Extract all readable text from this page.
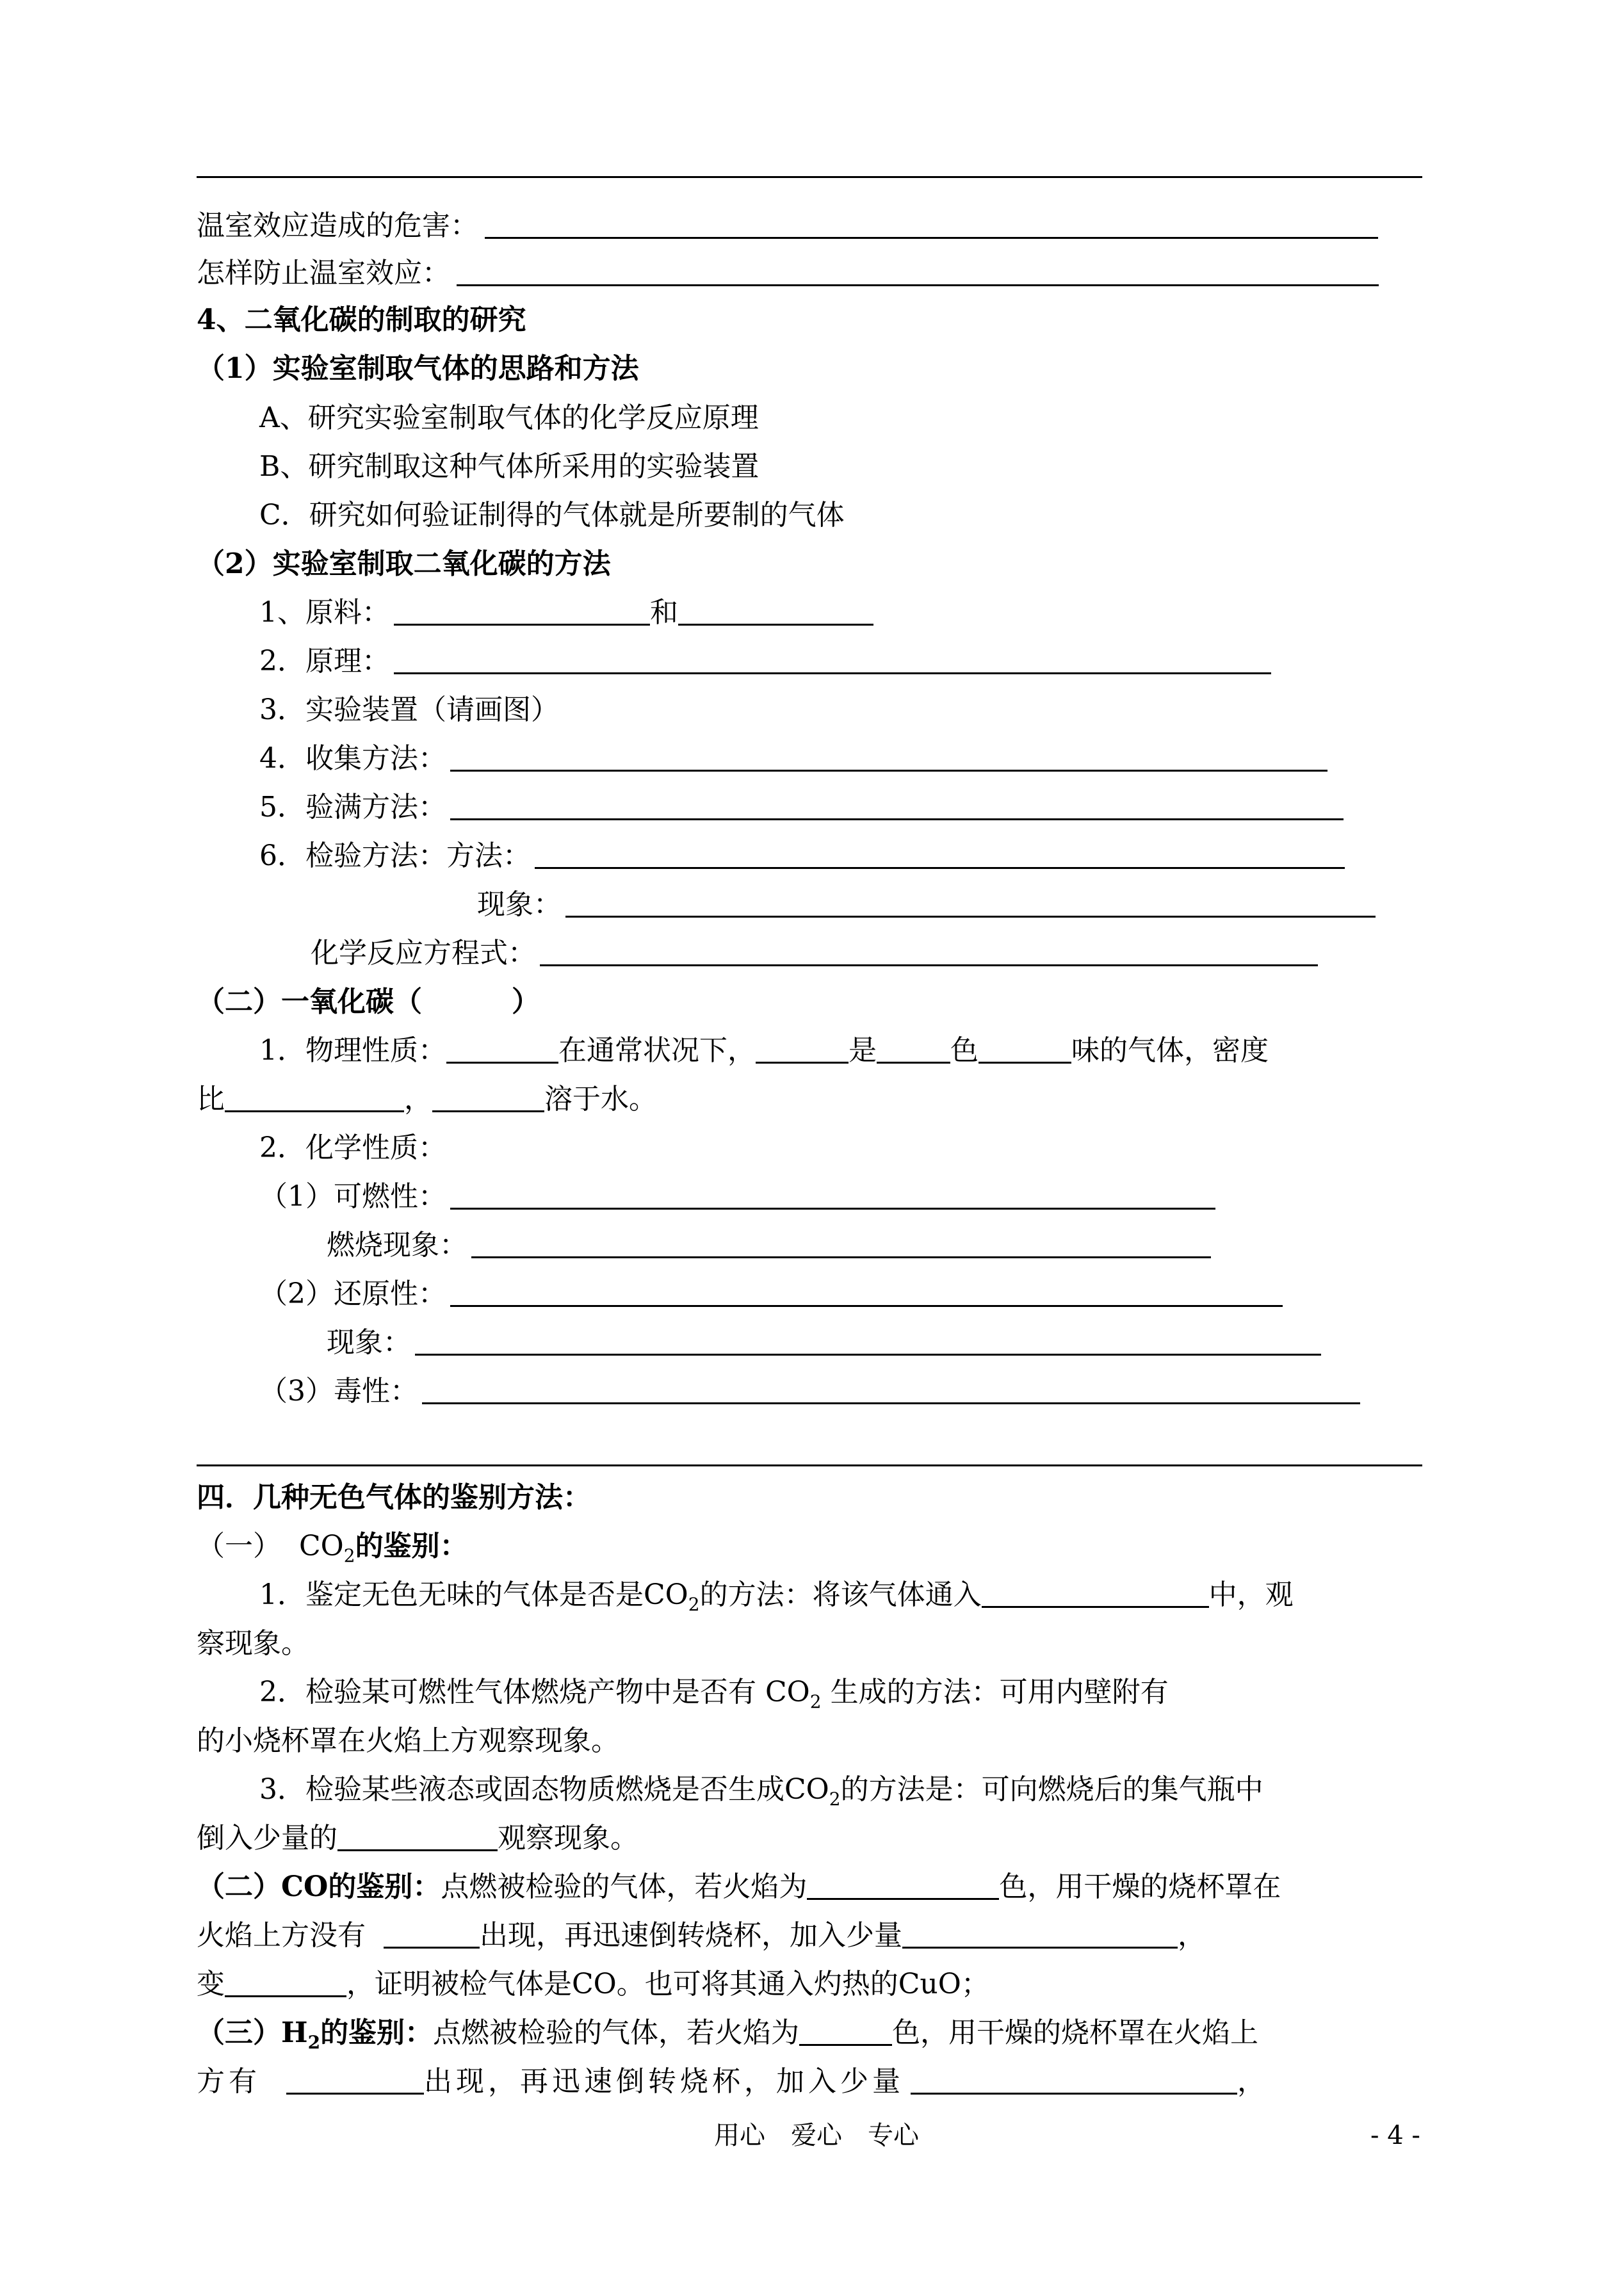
温室效应造成的危害：
怎样防止温室效应：
4、二氧化碳的制取的研究
（1）实验室制取气体的思路和方法
A、研究实验室制取气体的化学反应原理
B、研究制取这种气体所采用的实验装置
C．研究如何验证制得的气体就是所要制的气体
（2）实验室制取二氧化碳的方法
1、原料：	和
2．原理：
3．实验装置（请画图）
4．收集方法：
5．验满方法：
6．检验方法：方法：
现象：
化学反应方程式：
（二）一氧化碳（	）
1．物理性质：	在通常状况下，	是	色	味的气体，密度
比	，	溶于水。
2．化学性质：
（1）可燃性：
燃烧现象：
（2）还原性：
现象：
（3）毒性：
四．几种无色气体的鉴别方法：
（一） $CO_2$的鉴别：
1．鉴定无色无味的气体是否是$CO_2$的方法：将该气体通入	中，观
察现象。
2．检验某可燃性气体燃烧产物中是否有 $CO_2$ 生成的方法：可用内壁附有
的小烧杯罩在火焰上方观察现象。
3．检验某些液态或固态物质燃烧是否生成$CO_2$的方法是：可向燃烧后的集气瓶中
倒入少量的	观察现象。
（二）CO的鉴别：点燃被检验的气体，若火焰为	色，用干燥的烧杯罩在
火焰上方没有	出现，再迅速倒转烧杯，加入少量	，
变	，证明被检气体是CO。也可将其通入灼热的CuO；
（三）$H_2$的鉴别：点燃被检验的气体，若火焰为	色，用干燥的烧杯罩在火焰上
方有	出现，再迅速倒转烧杯，加入少量	，
用心　爱心　专心	- 4 -
